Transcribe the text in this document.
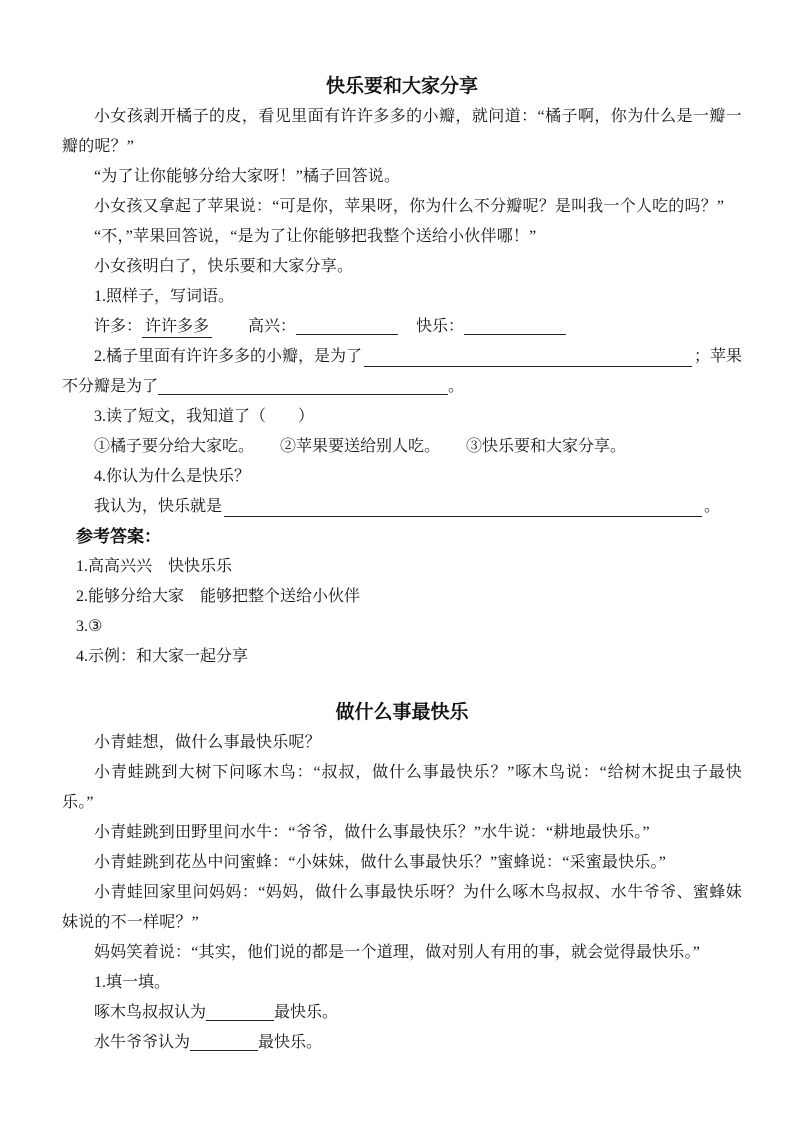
快乐要和大家分享

小女孩剥开橘子的皮，看见里面有许许多多的小瓣，就问道：“橘子啊，你为什么是一瓣一瓣的呢？”

“为了让你能够分给大家呀！”橘子回答说。

小女孩又拿起了苹果说：“可是你，苹果呀，你为什么不分瓣呢？是叫我一个人吃的吗？”

“不，”苹果回答说，“是为了让你能够把我整个送给小伙伴哪！”

小女孩明白了，快乐要和大家分享。

1.照样子，写词语。
许多： 许许多多 高兴：	快乐：
2.橘子里面有许许多多的小瓣，是为了	；苹果
不分瓣是为了	。
3.读了短文，我知道了（　　）
①橘子要分给大家吃。 ②苹果要送给别人吃。 ③快乐要和大家分享。
4.你认为什么是快乐？
我认为，快乐就是	。
参考答案：
1.高高兴兴　快快乐乐
2.能够分给大家　能够把整个送给小伙伴
3.③
4.示例：和大家一起分享
做什么事最快乐

小青蛙想，做什么事最快乐呢？

小青蛙跳到大树下问啄木鸟：“叔叔，做什么事最快乐？”啄木鸟说：“给树木捉虫子最快乐。”

小青蛙跳到田野里问水牛：“爷爷，做什么事最快乐？”水牛说：“耕地最快乐。”

小青蛙跳到花丛中问蜜蜂：“小妹妹，做什么事最快乐？”蜜蜂说：“采蜜最快乐。”

小青蛙回家里问妈妈：“妈妈，做什么事最快乐呀？为什么啄木鸟叔叔、水牛爷爷、蜜蜂妹妹说的不一样呢？”

妈妈笑着说：“其实，他们说的都是一个道理，做对别人有用的事，就会觉得最快乐。”

1.填一填。
啄木鸟叔叔认为	最快乐。
水牛爷爷认为	最快乐。
